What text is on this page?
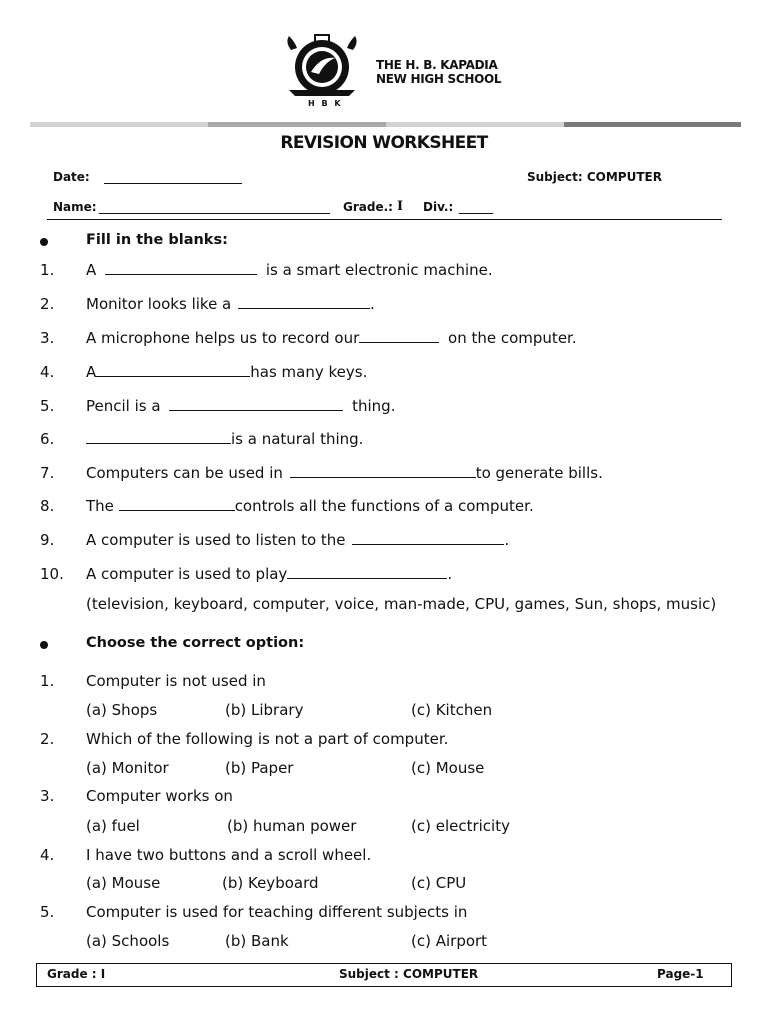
THE H. B. KAPADIA
NEW HIGH SCHOOL
H B K
REVISION WORKSHEET
Date:	Subject: COMPUTER
Name:	Grade.: I Div.:
Fill in the blanks:
1. A	is a smart electronic machine.
2. Monitor looks like a	.
3. A microphone helps us to record our	on the computer.
4. A	has many keys.
5. Pencil is a	thing.
6.	is a natural thing.
7. Computers can be used in	to generate bills.
8. The	controls all the functions of a computer.
9. A computer is used to listen to the	.
10. A computer is used to play	.
(television, keyboard, computer, voice, man-made, CPU, games, Sun, shops, music)
Choose the correct option:
1. Computer is not used in
(a) Shops	(b) Library	(c) Kitchen
2. Which of the following is not a part of computer.
(a) Monitor	(b) Paper	(c) Mouse
3. Computer works on
(a) fuel	(b) human power	(c) electricity
4. I have two buttons and a scroll wheel.
(a) Mouse	(b) Keyboard	(c) CPU
5. Computer is used for teaching different subjects in
(a) Schools	(b) Bank	(c) Airport
Grade : I	Subject : COMPUTER	Page-1
